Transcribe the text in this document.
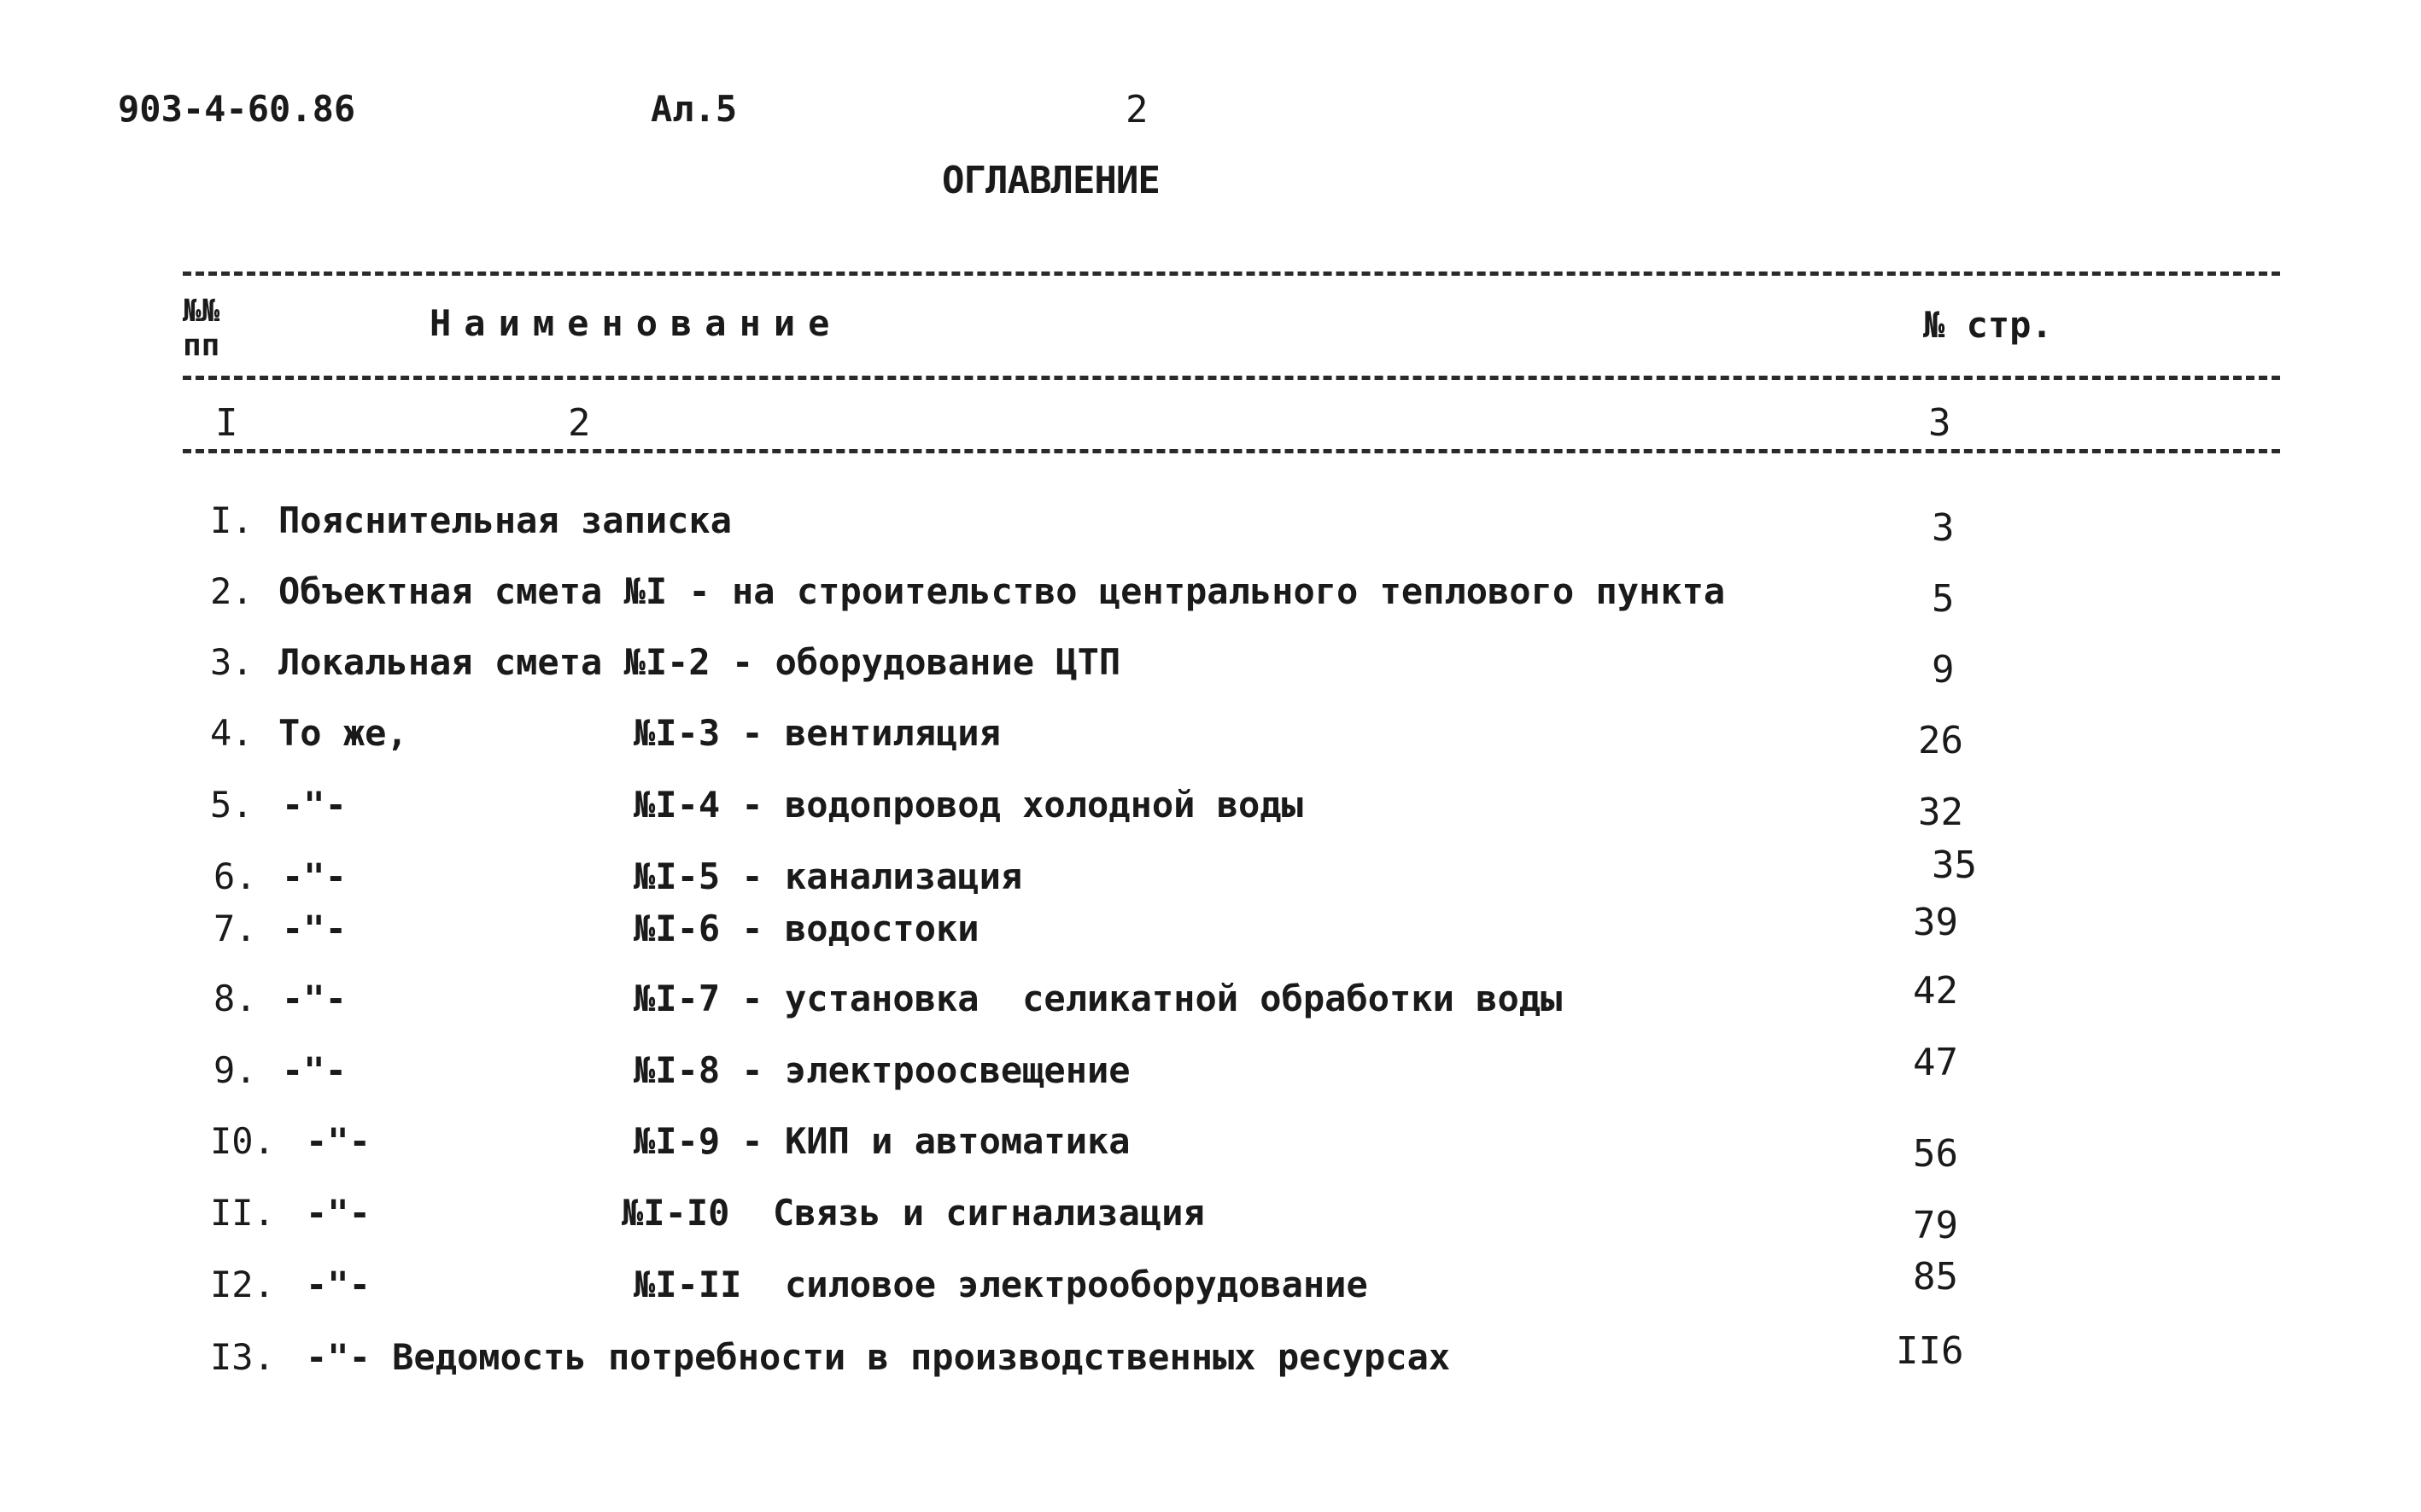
903-4-60.86	Ал.5	2
ОГЛАВЛЕНИЕ
№№
пп
Наименование	№ стр.
I	2	3
I. Пояснительная записка	3
2. Объектная смета №I - на строительство центрального теплового пункта	5
3. Локальная смета №I-2 - оборудование ЦТП	9
4. То же,	№I-3 - вентиляция	26
5. -"-	№I-4 - водопровод холодной воды	32
6. -"-	№I-5 - канализация	35
7. -"-	№I-6 - водостоки	39
8. -"-	№I-7 - установка  селикатной обработки воды	42
9. -"-	№I-8 - электроосвещение	47
I0. -"-	№I-9 - КИП и автоматика	56
II. -"-	№I-I0  Связь и сигнализация	79
I2. -"-	№I-II  силовое электрооборудование	85
I3. -"- Ведомость потребности в производственных ресурсах	II6
